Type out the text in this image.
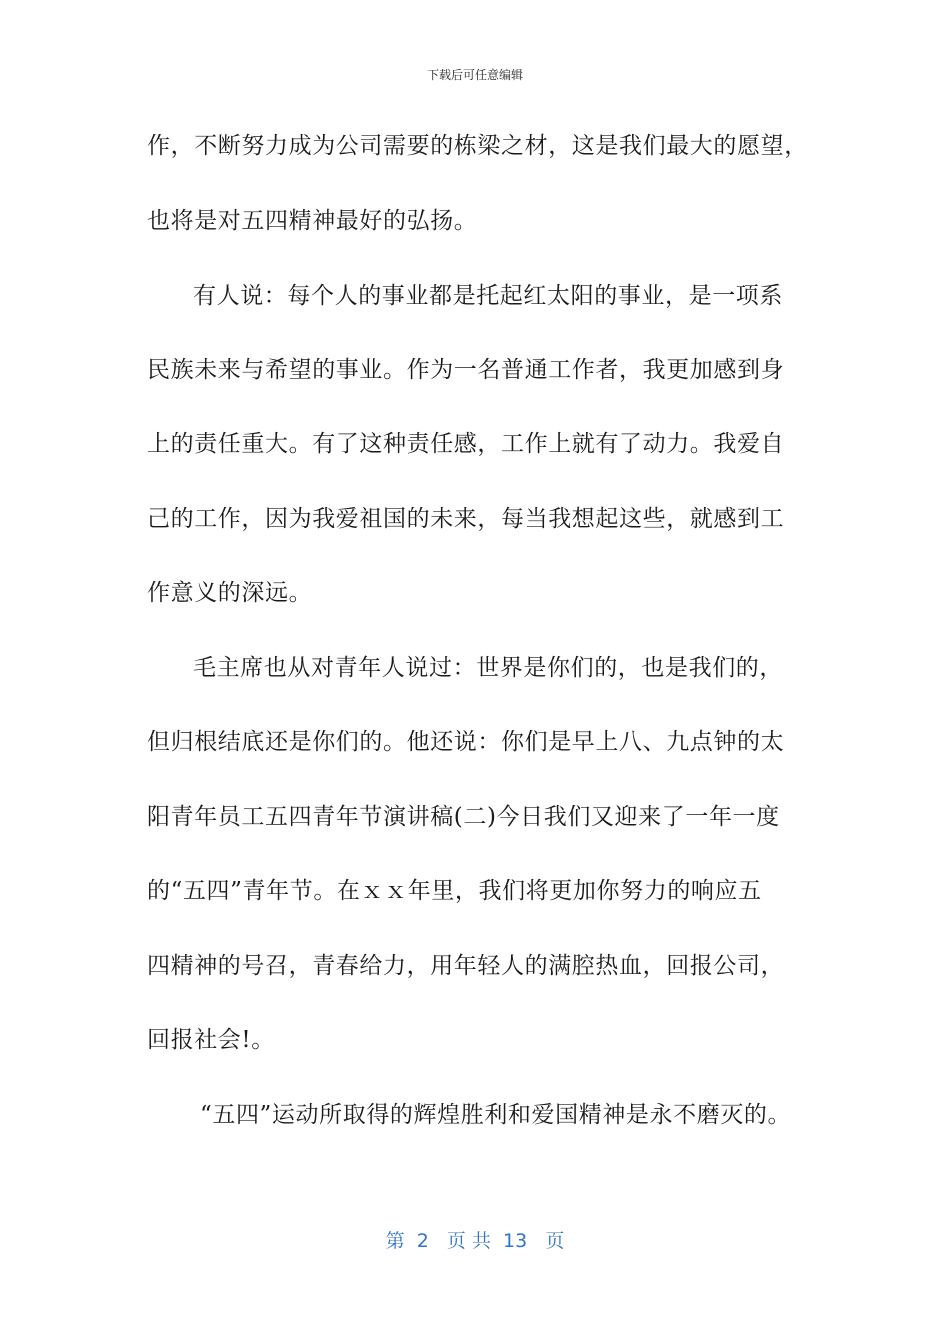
下载后可任意编辑
作，不断努力成为公司需要的栋梁之材，这是我们最大的愿望，
也将是对五四精神最好的弘扬。
有人说：每个人的事业都是托起红太阳的事业，是一项系
民族未来与希望的事业。作为一名普通工作者，我更加感到身
上的责任重大。有了这种责任感，工作上就有了动力。我爱自
己的工作，因为我爱祖国的未来，每当我想起这些，就感到工
作意义的深远。
毛主席也从对青年人说过：世界是你们的，也是我们的，
但归根结底还是你们的。他还说：你们是早上八、九点钟的太
阳青年员工五四青年节演讲稿(二)今日我们又迎来了一年一度
的“五四”青年节。在ｘｘ年里，我们将更加你努力的响应五
四精神的号召，青春给力，用年轻人的满腔热血，回报公司，
回报社会!。
“五四”运动所取得的辉煌胜利和爱国精神是永不磨灭的。
第  2   页 共  13   页
